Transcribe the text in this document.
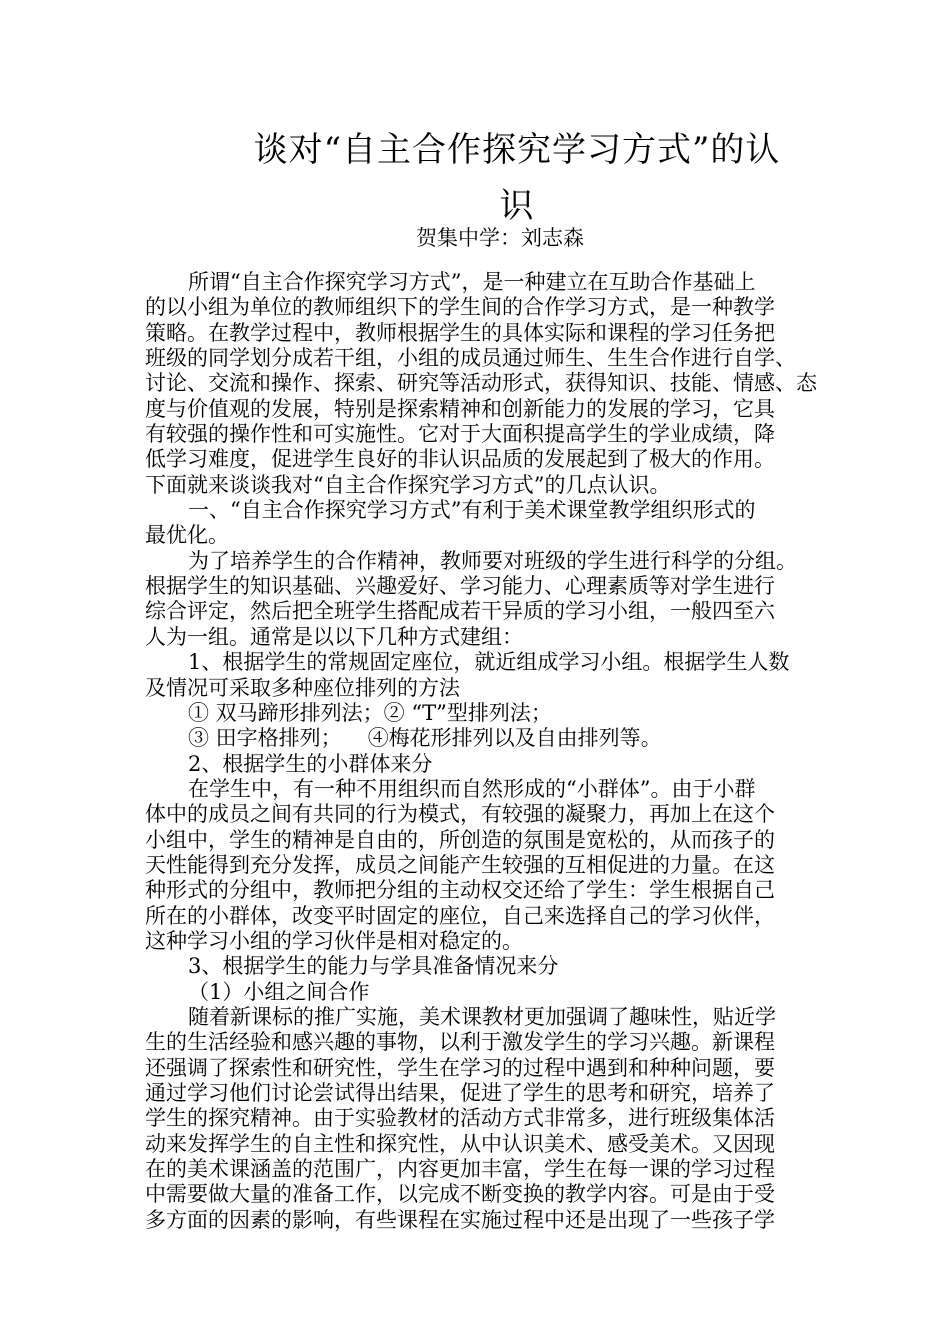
谈对“自主合作探究学习方式”的认
识
贺集中学：刘志森
所谓“自主合作探究学习方式”，是一种建立在互助合作基础上
的以小组为单位的教师组织下的学生间的合作学习方式，是一种教学
策略。在教学过程中，教师根据学生的具体实际和课程的学习任务把
班级的同学划分成若干组，小组的成员通过师生、生生合作进行自学、
讨论、交流和操作、探索、研究等活动形式，获得知识、技能、情感、态
度与价值观的发展，特别是探索精神和创新能力的发展的学习，它具
有较强的操作性和可实施性。它对于大面积提高学生的学业成绩，降
低学习难度，促进学生良好的非认识品质的发展起到了极大的作用。
下面就来谈谈我对“自主合作探究学习方式”的几点认识。
一、“自主合作探究学习方式”有利于美术课堂教学组织形式的
最优化。
为了培养学生的合作精神，教师要对班级的学生进行科学的分组。
根据学生的知识基础、兴趣爱好、学习能力、心理素质等对学生进行
综合评定，然后把全班学生搭配成若干异质的学习小组，一般四至六
人为一组。通常是以以下几种方式建组：
1、根据学生的常规固定座位，就近组成学习小组。根据学生人数
及情况可采取多种座位排列的方法
① 双马蹄形排列法；② “T”型排列法；
③ 田字格排列； ④梅花形排列以及自由排列等。
2、根据学生的小群体来分
在学生中，有一种不用组织而自然形成的“小群体”。由于小群
体中的成员之间有共同的行为模式，有较强的凝聚力，再加上在这个
小组中，学生的精神是自由的，所创造的氛围是宽松的，从而孩子的
天性能得到充分发挥，成员之间能产生较强的互相促进的力量。在这
种形式的分组中，教师把分组的主动权交还给了学生：学生根据自己
所在的小群体，改变平时固定的座位，自己来选择自己的学习伙伴，
这种学习小组的学习伙伴是相对稳定的。
3、根据学生的能力与学具准备情况来分
（1）小组之间合作
随着新课标的推广实施，美术课教材更加强调了趣味性，贴近学
生的生活经验和感兴趣的事物，以利于激发学生的学习兴趣。新课程
还强调了探索性和研究性，学生在学习的过程中遇到和种种问题，要
通过学习他们讨论尝试得出结果，促进了学生的思考和研究，培养了
学生的探究精神。由于实验教材的活动方式非常多，进行班级集体活
动来发挥学生的自主性和探究性，从中认识美术、感受美术。又因现
在的美术课涵盖的范围广，内容更加丰富，学生在每一课的学习过程
中需要做大量的准备工作，以完成不断变换的教学内容。可是由于受
多方面的因素的影响，有些课程在实施过程中还是出现了一些孩子学
